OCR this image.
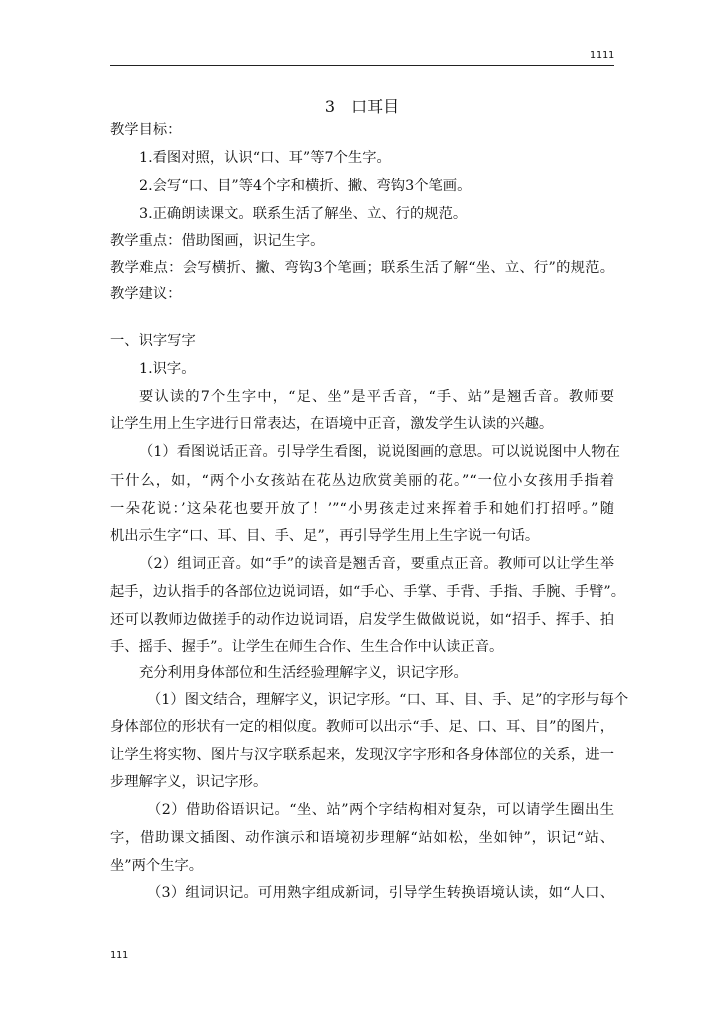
1111
3　口耳目
教学目标：
1.看图对照，认识“口、耳”等7个生字。
2.会写“口、目”等4个字和横折、撇、弯钩3个笔画。
3.正确朗读课文。联系生活了解坐、立、行的规范。
教学重点：借助图画，识记生字。
教学难点：会写横折、撇、弯钩3个笔画；联系生活了解“坐、立、行”的规范。
教学建议：
一、识字写字
1.识字。
要认读的7个生字中，“足、坐”是平舌音，“手、站”是翘舌音。教师要
让学生用上生字进行日常表达，在语境中正音，激发学生认读的兴趣。
（1）看图说话正音。引导学生看图，说说图画的意思。可以说说图中人物在
干什么，如，“两个小女孩站在花丛边欣赏美丽的花。”“一位小女孩用手指着
一朵花说：’这朵花也要开放了！’”“小男孩走过来挥着手和她们打招呼。”随
机出示生字“口、耳、目、手、足”，再引导学生用上生字说一句话。
（2）组词正音。如“手”的读音是翘舌音，要重点正音。教师可以让学生举
起手，边认指手的各部位边说词语，如“手心、手掌、手背、手指、手腕、手臂”。
还可以教师边做搓手的动作边说词语，启发学生做做说说，如“招手、挥手、拍
手、摇手、握手”。让学生在师生合作、生生合作中认读正音。
充分利用身体部位和生活经验理解字义，识记字形。
（1）图文结合，理解字义，识记字形。“口、耳、目、手、足”的字形与每个
身体部位的形状有一定的相似度。教师可以出示“手、足、口、耳、目”的图片，
让学生将实物、图片与汉字联系起来，发现汉字字形和各身体部位的关系，进一
步理解字义，识记字形。
（2）借助俗语识记。“坐、站”两个字结构相对复杂，可以请学生圈出生
字，借助课文插图、动作演示和语境初步理解“站如松，坐如钟”，识记“站、
坐”两个生字。
（3）组词识记。可用熟字组成新词，引导学生转换语境认读，如“人口、
111
